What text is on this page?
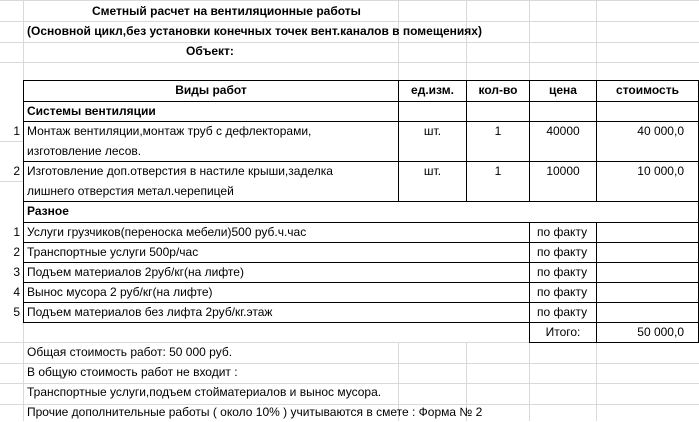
Сметный расчет на вентиляционные работы
(Основной цикл,без установки конечных точек вент.каналов в помещениях)
Объект:
Виды работ	ед.изм.	кол-во	цена	стоимость
Системы вентиляции
1 Монтаж вентиляции,монтаж труб с дефлекторами,
изготовление лесов.
шт.	1	40000	40 000,0
2 Изготовление доп.отверстия в настиле крыши,заделка
лишнего отверстия метал.черепицей
шт.	1	10000	10 000,0
Разное
1 Услуги грузчиков(переноска мебели)500 руб.ч.час	по факту
2 Транспортные услуги 500р/час	по факту
3 Подъем материалов 2руб/кг(на лифте)	по факту
4 Вынос мусора 2 руб/кг(на лифте)	по факту
5 Подъем материалов без лифта 2руб/кг.этаж	по факту
Итого:	50 000,0
Общая стоимость работ: 50 000 руб.
В общую стоимость работ не входит :
Транспортные услуги,подъем стойматериалов и вынос мусора.
Прочие дополнительные работы ( около 10% ) учитываются в смете : Форма № 2
